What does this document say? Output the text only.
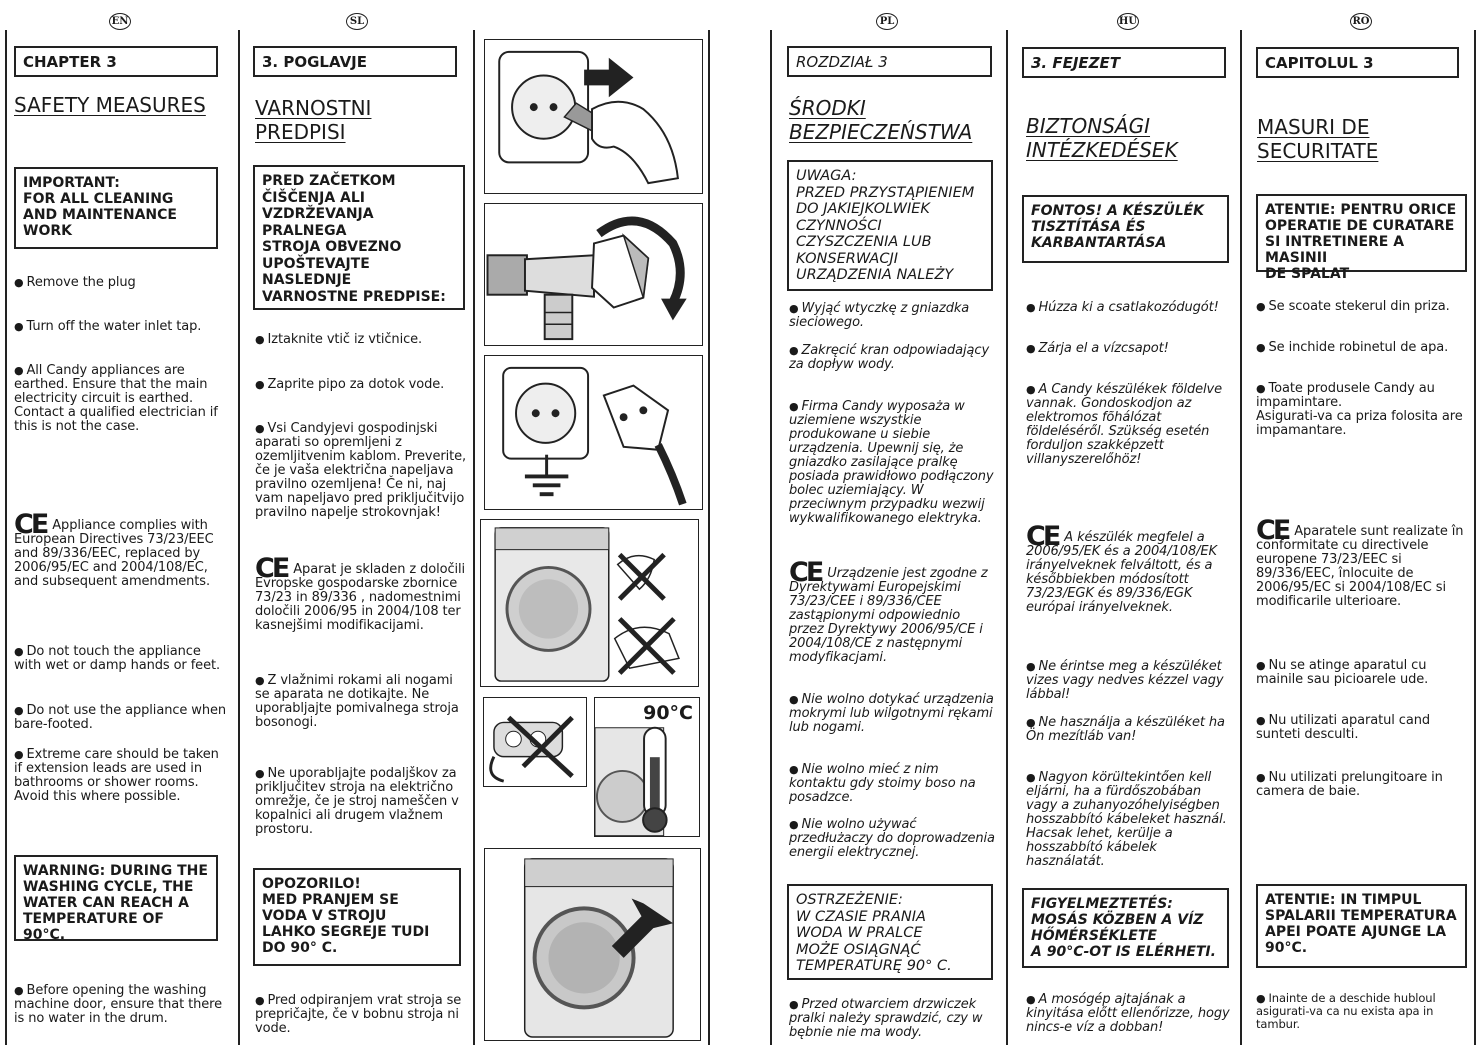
EN
CHAPTER 3
SAFETY MEASURES
IMPORTANT:
FOR ALL CLEANING
AND MAINTENANCE
WORK
● Remove the plug
● Turn off the water inlet tap.
● All Candy appliances are earthed. Ensure that the main electricity circuit is earthed. Contact a qualified electrician if this is not the case.
CE Appliance complies with European Directives 73/23/EEC and 89/336/EEC, replaced by 2006/95/EC and 2004/108/EC, and subsequent amendments.
● Do not touch the appliance with wet or damp hands or feet.
● Do not use the appliance when bare-footed.
● Extreme care should be taken if extension leads are used in bathrooms or shower rooms. Avoid this where possible.
WARNING: DURING THE WASHING CYCLE, THE WATER CAN REACH A TEMPERATURE OF 90°C.
● Before opening the washing machine door, ensure that there is no water in the drum.
SL
3. POGLAVJE
VARNOSTNI
PREDPISI
PRED ZAČETKOM
ČIŠČENJA ALI
VZDRŽEVANJA
PRALNEGA
STROJA OBVEZNO
UPOŠTEVAJTE
NASLEDNJE
VARNOSTNE PREDPISE:
● Iztaknite vtič iz vtičnice.
● Zaprite pipo za dotok vode.
● Vsi Candyjevi gospodinjski aparati so opremljeni z ozemljitvenim kablom. Preverite, če je vaša električna napeljava pravilno ozemljena! Če ni, naj vam napeljavo pred priključitvijo pravilno napelje strokovnjak!
CE Aparat je skladen z določili Evropske gospodarske zbornice 73/23 in 89/336 , nadomestnimi določili 2006/95 in 2004/108 ter kasnejšimi modifikacijami.
● Z vlažnimi rokami ali nogami se aparata ne dotikajte. Ne uporabljajte pomivalnega stroja bosonogi.
● Ne uporabljajte podaljškov za priključitev stroja na električno omrežje, če je stroj nameščen v kopalnici ali drugem vlažnem prostoru.
OPOZORILO!
MED PRANJEM SE
VODA V STROJU
LAHKO SEGREJE TUDI
DO 90° C.
● Pred odpiranjem vrat stroja se prepričajte, če v bobnu stroja ni vode.
90°C
PL
ROZDZIAŁ 3
ŚRODKI
BEZPIECZEŃSTWA
UWAGA:
PRZED PRZYSTĄPIENIEM
DO JAKIEJKOLWIEK
CZYNNOŚCI
CZYSZCZENIA LUB
KONSERWACJI
URZĄDZENIA NALEŻY
● Wyjąć wtyczkę z gniazdka sieciowego.
● Zakręcić kran odpowiadający za dopływ wody.
● Firma Candy wyposaża w uziemiene wszystkie produkowane u siebie urządzenia. Upewnij się, że gniazdko zasilające pralkę posiada prawidłowo podłączony bolec uziemiający. W przeciwnym przypadku wezwij wykwalifikowanego elektryka.
CE Urządzenie jest zgodne z Dyrektywami Europejskimi 73/23/CEE i 89/336/CEE zastąpionymi odpowiednio przez Dyrektywy 2006/95/CE i 2004/108/CE z następnymi modyfikacjami.
● Nie wolno dotykać urządzenia mokrymi lub wilgotnymi rękami lub nogami.
● Nie wolno mieć z nim kontaktu gdy stoimy boso na posadzce.
● Nie wolno używać przedłużaczy do doprowadzenia energii elektrycznej.
OSTRZEŻENIE:
W CZASIE PRANIA
WODA W PRALCE
MOŻE OSIĄGNĄĆ
TEMPERATURĘ 90° C.
● Przed otwarciem drzwiczek pralki należy sprawdzić, czy w bębnie nie ma wody.
HU
3. FEJEZET
BIZTONSÁGI
INTÉZKEDÉSEK
FONTOS! A KÉSZÜLÉK
TISZTÍTÁSA ÉS
KARBANTARTÁSA
● Húzza ki a csatlakozódugót!
● Zárja el a vízcsapot!
● A Candy készülékek földelve vannak. Gondoskodjon az elektromos fõhálózat földeléséről. Szükség esetén forduljon szakképzett villanyszerelőhöz!
CE A készülék megfelel a 2006/95/EK és a 2004/108/EK irányelveknek felváltott, és a későbbiekben módosított 73/23/EGK és 89/336/EGK európai irányelveknek.
● Ne érintse meg a készüléket vizes vagy nedves kézzel vagy lábbal!
● Ne használja a készüléket ha Ön mezítláb van!
● Nagyon körültekintően kell eljárni, ha a fürdőszobában vagy a zuhanyozóhelyiségben hosszabbító kábeleket használ. Hacsak lehet, kerülje a hosszabbító kábelek használatát.
FIGYELMEZTETÉS:
MOSÁS KÖZBEN A VÍZ
HŐMÉRSÉKLETE
A 90°C-OT IS ELÉRHETI.
● A mosógép ajtajának a kinyitása előtt ellenőrizze, hogy nincs-e víz a dobban!
RO
CAPITOLUL 3
MASURI DE
SECURITATE
ATENTIE: PENTRU ORICE
OPERATIE DE CURATARE
SI INTRETINERE A MASINII
DE SPALAT
● Se scoate stekerul din priza.
● Se inchide robinetul de apa.
● Toate produsele Candy au impamintare.
Asigurati-va ca priza folosita are impamantare.
CE Aparatele sunt realizate în conformitate cu directivele europene 73/23/EEC si 89/336/EEC, înlocuite de 2006/95/EC si 2004/108/EC si modificarile ulterioare.
● Nu se atinge aparatul cu mainile sau picioarele ude.
● Nu utilizati aparatul cand sunteti desculti.
● Nu utilizati prelungitoare in camera de baie.
ATENTIE: IN TIMPUL
SPALARII TEMPERATURA
APEI POATE AJUNGE LA
90°C.
● Inainte de a deschide hubloul asigurati-va ca nu exista apa in tambur.
